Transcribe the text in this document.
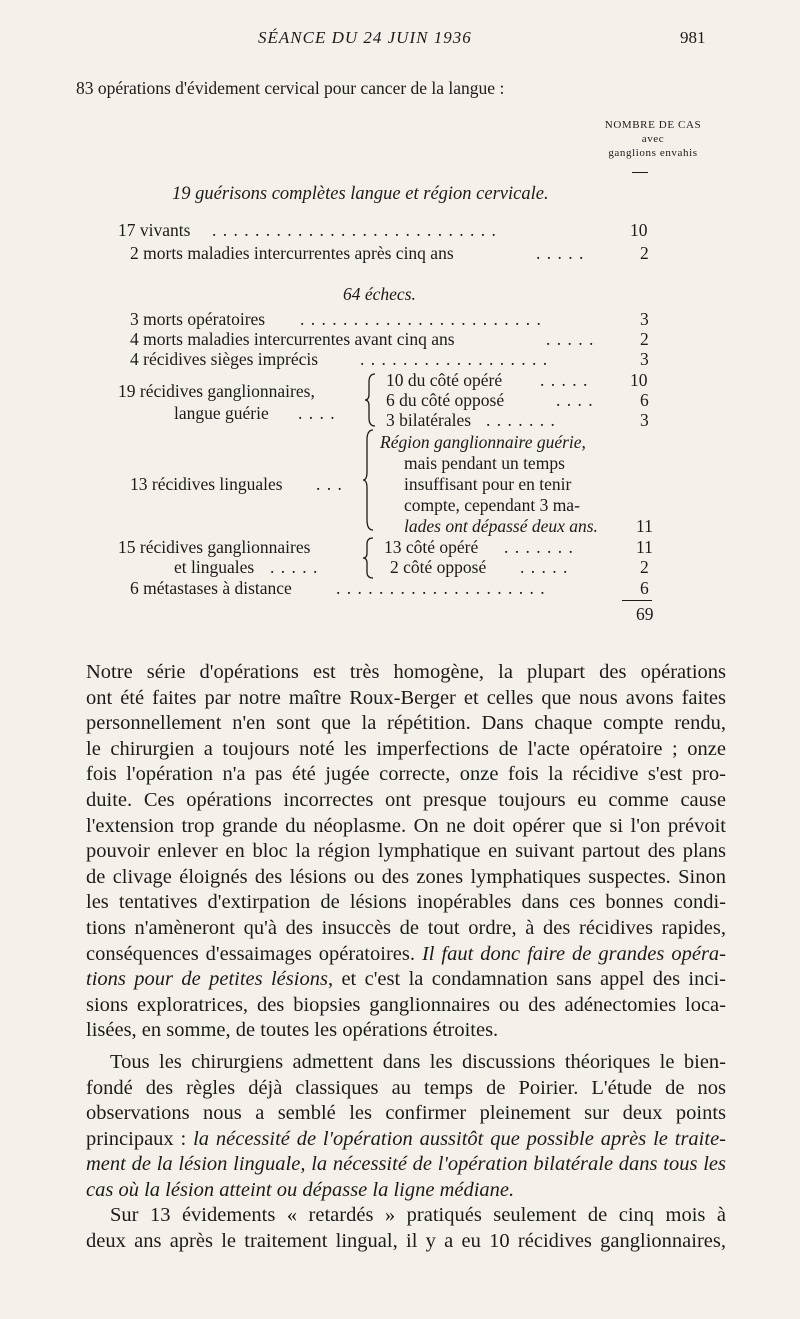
SÉANCE DU 24 JUIN 1936	981
83 opérations d'évidement cervical pour cancer de la langue :
NOMBRE DE CAS
avec
ganglions envahis
19 guérisons complètes langue et région cervicale.
17 vivants . . . . . . . . . . . . . . . . . . . . . . . . . . .	10
2 morts maladies intercurrentes après cinq ans	. . . . .	2
64 échecs.
3 morts opératoires . . . . . . . . . . . . . . . . . . . . . . .	3
4 morts maladies intercurrentes avant cinq ans	. . . . .	2
4 récidives sièges imprécis . . . . . . . . . . . . . . . . . .	3
19 récidives ganglionnaires,
langue guérie . . . .
10 du côté opéré . . . . . 10
6 du côté opposé	. . . .	6
3 bilatérales . . . . . . .	3
13 récidives linguales . . .
Région ganglionnaire guérie,
mais pendant un temps
insuffisant pour en tenir
compte, cependant 3 ma-
lades ont dépassé deux ans. 11
15 récidives ganglionnaires
et linguales . . . . .
13 côté opéré . . . . . . .	11
2 côté opposé . . . . .	2
6 métastases à distance	. . . . . . . . . . . . . . . . . . . .	6
69
Notre série d'opérations est très homogène, la plupart des opérations
ont été faites par notre maître Roux-Berger et celles que nous avons faites
personnellement n'en sont que la répétition. Dans chaque compte rendu,
le chirurgien a toujours noté les imperfections de l'acte opératoire ; onze
fois l'opération n'a pas été jugée correcte, onze fois la récidive s'est pro-
duite. Ces opérations incorrectes ont presque toujours eu comme cause
l'extension trop grande du néoplasme. On ne doit opérer que si l'on prévoit
pouvoir enlever en bloc la région lymphatique en suivant partout des plans
de clivage éloignés des lésions ou des zones lymphatiques suspectes. Sinon
les tentatives d'extirpation de lésions inopérables dans ces bonnes condi-
tions n'amèneront qu'à des insuccès de tout ordre, à des récidives rapides,
conséquences d'essaimages opératoires. Il faut donc faire de grandes opéra-
tions pour de petites lésions, et c'est la condamnation sans appel des inci-
sions exploratrices, des biopsies ganglionnaires ou des adénectomies loca-
lisées, en somme, de toutes les opérations étroites.
Tous les chirurgiens admettent dans les discussions théoriques le bien-
fondé des règles déjà classiques au temps de Poirier. L'étude de nos
observations nous a semblé les confirmer pleinement sur deux points
principaux : la nécessité de l'opération aussitôt que possible après le traite-
ment de la lésion linguale, la nécessité de l'opération bilatérale dans tous les
cas où la lésion atteint ou dépasse la ligne médiane.
Sur 13 évidements « retardés » pratiqués seulement de cinq mois à
deux ans après le traitement lingual, il y a eu 10 récidives ganglionnaires,
